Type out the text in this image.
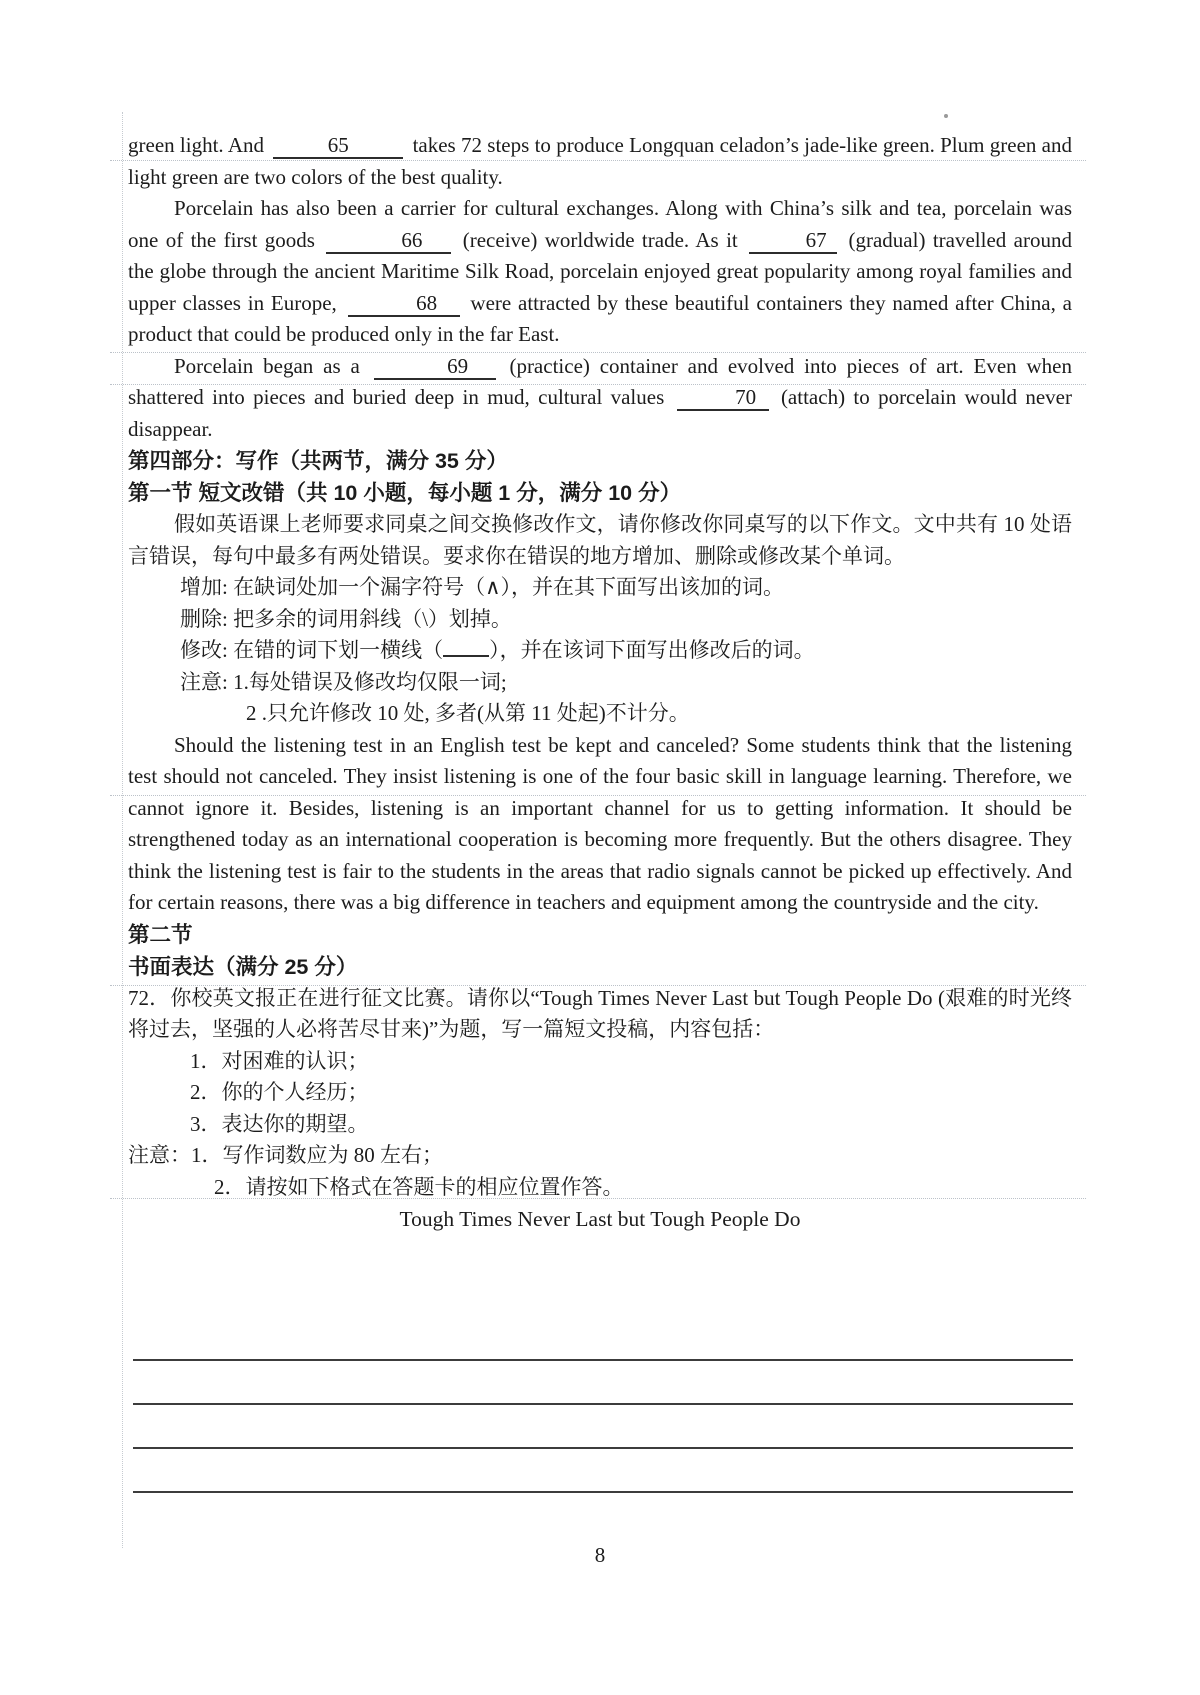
green light. And	65	takes 72 steps to produce Longquan celadon’s jade-like green. Plum green and light green are two colors of the best quality.

Porcelain has also been a carrier for cultural exchanges. Along with China’s silk and tea, porcelain was one of the first goods	66 (receive) worldwide trade. As it	67 (gradual) travelled around the globe through the ancient Maritime Silk Road, porcelain enjoyed great popularity among royal families and upper classes in Europe,	68 were attracted by these beautiful containers they named after China, a product that could be produced only in the far East.

Porcelain began as a	69 (practice) container and evolved into pieces of art. Even when shattered into pieces and buried deep in mud, cultural values	70 (attach) to porcelain would never disappear.

第四部分：写作（共两节，满分 35 分）

第一节 短文改错（共 10 小题，每小题 1 分，满分 10 分）

假如英语课上老师要求同桌之间交换修改作文，请你修改你同桌写的以下作文。文中共有 10 处语言错误，每句中最多有两处错误。要求你在错误的地方增加、删除或修改某个单词。

增加: 在缺词处加一个漏字符号（∧），并在其下面写出该加的词。

删除: 把多余的词用斜线（\）划掉。

修改: 在错的词下划一横线（ ），并在该词下面写出修改后的词。

注意: 1.每处错误及修改均仅限一词;

2 .只允许修改 10 处, 多者(从第 11 处起)不计分。

Should the listening test in an English test be kept and canceled? Some students think that the listening test should not canceled. They insist listening is one of the four basic skill in language learning. Therefore, we cannot ignore it. Besides, listening is an important channel for us to getting information. It should be strengthened today as an international cooperation is becoming more frequently. But the others disagree. They think the listening test is fair to the students in the areas that radio signals cannot be picked up effectively. And for certain reasons, there was a big difference in teachers and equipment among the countryside and the city.

第二节

书面表达（满分 25 分）

72．你校英文报正在进行征文比赛。请你以“Tough Times Never Last but Tough People Do (艰难的时光终将过去，坚强的人必将苦尽甘来)”为题，写一篇短文投稿，内容包括：

1．对困难的认识；

2．你的个人经历；

3．表达你的期望。

注意：1．写作词数应为 80 左右；

2．请按如下格式在答题卡的相应位置作答。

Tough Times Never Last but Tough People Do

8
